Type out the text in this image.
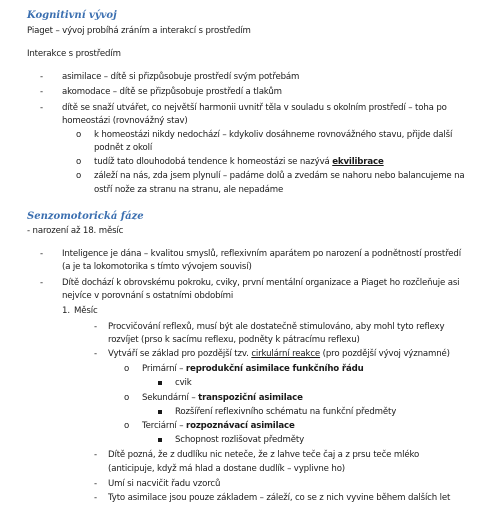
Kognitivní vývoj
Piaget – vývoj probíhá zráním a interakcí s prostředím
Interakce s prostředím
- asimilace – dítě si přizpůsobuje prostředí svým potřebám
- akomodace – dítě se přizpůsobuje prostředí a tlakům
- dítě se snaží utvářet, co největší harmonii uvnitř těla v souladu s okolním prostředí – toha po
homeostázi (rovnovážný stav)
o k homeostázi nikdy nedochází – kdykoliv dosáhneme rovnovážného stavu, přijde další
podnět z okolí
o tudíž tato dlouhodobá tendence k homeostázi se nazývá ekvilibrace
o záleží na nás, zda jsem plynulí – padáme dolů a zvedám se nahoru nebo balancujeme na
ostří nože za stranu na stranu, ale nepadáme
Senzomotorická fáze
- narození až 18. měsíc
- Inteligence je dána – kvalitou smyslů, reflexivním aparátem po narození a podnětností prostředí
(a je ta lokomotorika s tímto vývojem souvisí)
- Dítě dochází k obrovskému pokroku, cviky, první mentální organizace a Piaget ho rozčleňuje asi
nejvíce v porovnání s ostatními obdobími
1. Měsíc
- Procvičování reflexů, musí být ale dostatečně stimulováno, aby mohl tyto reflexy
rozvíjet (prso k sacímu reflexu, podněty k pátracímu reflexu)
- Vytváří se základ pro pozdější tzv. cirkulární reakce (pro pozdější vývoj významné)
o Primární – reprodukční asimilace funkčního řádu
cvik
o Sekundární – transpoziční asimilace
Rozšíření reflexivního schématu na funkční předměty
o Terciární – rozpoznávací asimilace
Schopnost rozlišovat předměty
- Dítě pozná, že z dudlíku nic neteče, že z lahve teče čaj a z prsu teče mléko
(anticipuje, když má hlad a dostane dudlík – vyplivne ho)
- Umí si nacvičit řadu vzorců
- Tyto asimilace jsou pouze základem – záleží, co se z nich vyvine během dalších let
